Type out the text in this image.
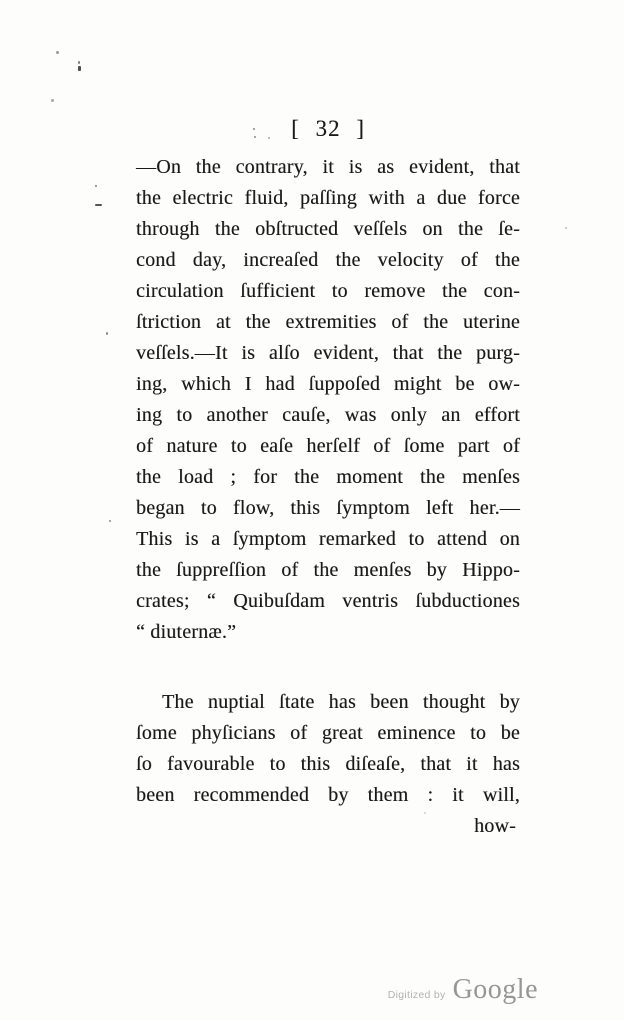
[ 32 ]
—On the contrary, it is as evident, that
the electric fluid, paſſing with a due force
through the obſtructed veſſels on the ſe-
cond day, increaſed the velocity of the
circulation ſufficient to remove the con-
ſtriction at the extremities of the uterine
veſſels.—It is alſo evident, that the purg-
ing, which I had ſuppoſed might be ow-
ing to another cauſe, was only an effort
of nature to eaſe herſelf of ſome part of
the load ; for the moment the menſes
began to flow, this ſymptom left her.—
This is a ſymptom remarked to attend on
the ſuppreſſion of the menſes by Hippo-
crates; “ Quibuſdam ventris ſubductiones
“ diuternæ.”
The nuptial ſtate has been thought by
ſome phyſicians of great eminence to be
ſo favourable to this diſeaſe, that it has
been recommended by them : it will,
how-
Digitized by Google
